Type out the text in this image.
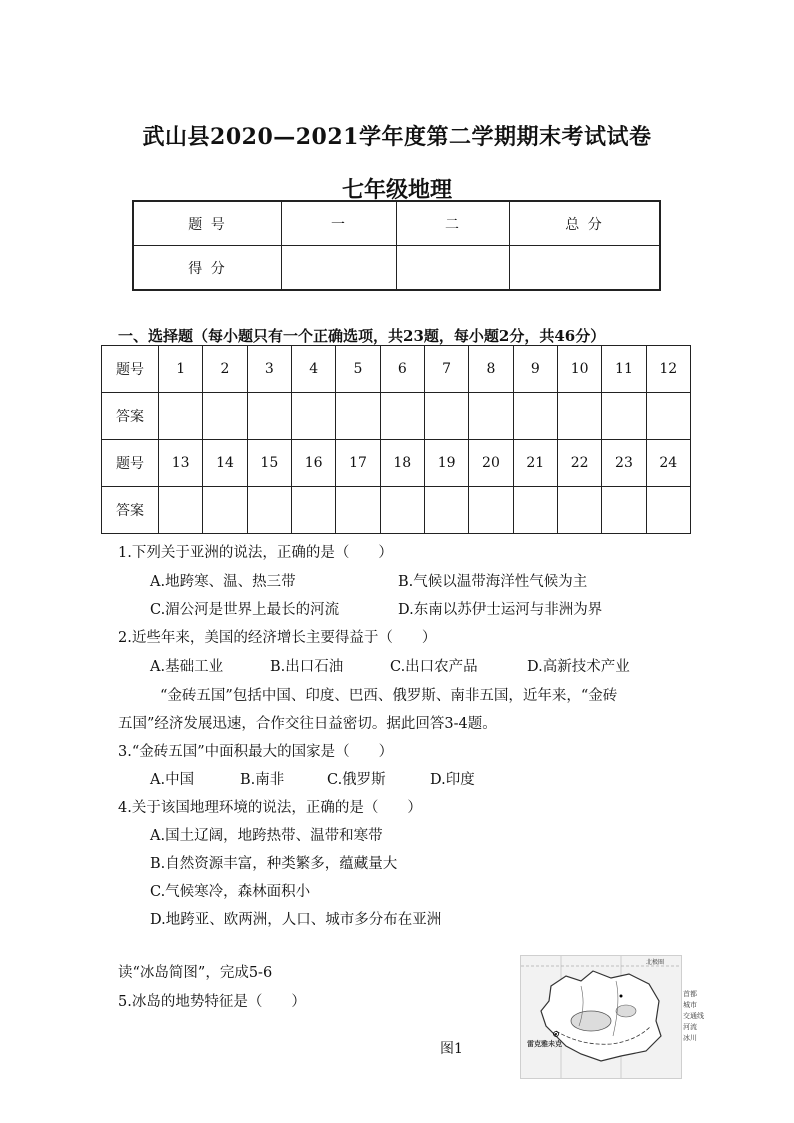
武山县2020—2021学年度第二学期期末考试试卷
七年级地理
题 号	一	二	总 分
得 分			
一、选择题（每小题只有一个正确选项，共23题，每小题2分，共46分）
题号	1	2	3	4	5	6	7	8	9	10	11	12
答案												
题号	13	14	15	16	17	18	19	20	21	22	23	24
答案												
1.下列关于亚洲的说法，正确的是（　　）
A.地跨寒、温、热三带	B.气候以温带海洋性气候为主
C.湄公河是世界上最长的河流	D.东南以苏伊士运河与非洲为界
2.近些年来，美国的经济增长主要得益于（　　）
A.基础工业	B.出口石油	C.出口农产品	D.高新技术产业
“金砖五国”包括中国、印度、巴西、俄罗斯、南非五国，近年来，“金砖
五国”经济发展迅速，合作交往日益密切。据此回答3-4题。
3.“金砖五国”中面积最大的国家是（　　）
A.中国	B.南非	C.俄罗斯	D.印度
4.关于该国地理环境的说法，正确的是（　　）
A.国土辽阔，地跨热带、温带和寒带
B.自然资源丰富，种类繁多，蕴藏量大
C.气候寒冷，森林面积小
D.地跨亚、欧两洲，人口、城市多分布在亚洲
读“冰岛简图”，完成5-6
5.冰岛的地势特征是（　　）
北极圈
雷克雅未克
首都
城市
交通线
河流
冰川
图1
